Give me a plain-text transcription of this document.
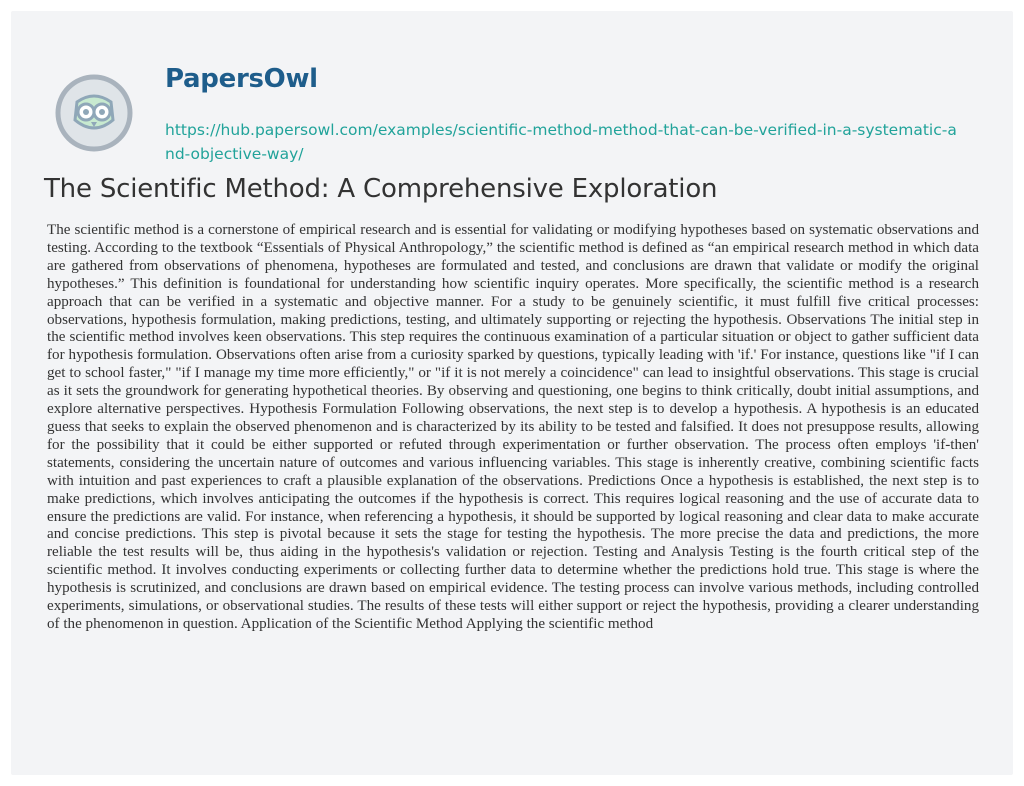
PapersOwl
https://hub.papersowl.com/examples/scientific-method-method-that-can-be-verified-in-a-systematic-and-objective-way/
The Scientific Method: A Comprehensive Exploration
The scientific method is a cornerstone of empirical research and is essential for validating or modifying hypotheses based on systematic observations and testing. According to the textbook “Essentials of Physical Anthropology,” the scientific method is defined as “an empirical research method in which data are gathered from observations of phenomena, hypotheses are formulated and tested, and conclusions are drawn that validate or modify the original hypotheses.” This definition is foundational for understanding how scientific inquiry operates. More specifically, the scientific method is a research approach that can be verified in a systematic and objective manner. For a study to be genuinely scientific, it must fulfill five critical processes: observations, hypothesis formulation, making predictions, testing, and ultimately supporting or rejecting the hypothesis. Observations The initial step in the scientific method involves keen observations. This step requires the continuous examination of a particular situation or object to gather sufficient data for hypothesis formulation. Observations often arise from a curiosity sparked by questions, typically leading with 'if.' For instance, questions like "if I can get to school faster," "if I manage my time more efficiently," or "if it is not merely a coincidence" can lead to insightful observations. This stage is crucial as it sets the groundwork for generating hypothetical theories. By observing and questioning, one begins to think critically, doubt initial assumptions, and explore alternative perspectives. Hypothesis Formulation Following observations, the next step is to develop a hypothesis. A hypothesis is an educated guess that seeks to explain the observed phenomenon and is characterized by its ability to be tested and falsified. It does not presuppose results, allowing for the possibility that it could be either supported or refuted through experimentation or further observation. The process often employs 'if-then' statements, considering the uncertain nature of outcomes and various influencing variables. This stage is inherently creative, combining scientific facts with intuition and past experiences to craft a plausible explanation of the observations. Predictions Once a hypothesis is established, the next step is to make predictions, which involves anticipating the outcomes if the hypothesis is correct. This requires logical reasoning and the use of accurate data to ensure the predictions are valid. For instance, when referencing a hypothesis, it should be supported by logical reasoning and clear data to make accurate and concise predictions. This step is pivotal because it sets the stage for testing the hypothesis. The more precise the data and predictions, the more reliable the test results will be, thus aiding in the hypothesis's validation or rejection. Testing and Analysis Testing is the fourth critical step of the scientific method. It involves conducting experiments or collecting further data to determine whether the predictions hold true. This stage is where the hypothesis is scrutinized, and conclusions are drawn based on empirical evidence. The testing process can involve various methods, including controlled experiments, simulations, or observational studies. The results of these tests will either support or reject the hypothesis, providing a clearer understanding of the phenomenon in question. Application of the Scientific Method Applying the scientific method
